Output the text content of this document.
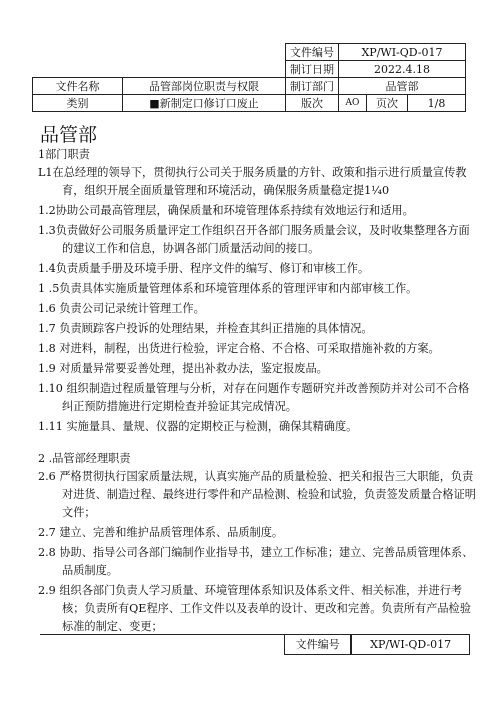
		文件编号	XP/WI-QD-017		
		制订日期	2022.4.18		
文件名称	品管部岗位职责与权限	制订部门	品管部		
类别	■新制定口修订口废止	版次	AO	页次	1/8
品管部

1部门职责

L1在总经理的领导下，贯彻执行公司关于服务质量的方针、政策和指示进行质量宣传教育，组织开展全面质量管理和环境活动，确保服务质量稳定提1¼0

1.2协助公司最高管理层，确保质量和环境管理体系持续有效地运行和适用。

1.3负责做好公司服务质量评定工作组织召开各部门服务质量会议，及时收集整理各方面的建议工作和信息，协调各部门质量活动间的接口。

1.4负责质量手册及环境手册、程序文件的编写、修订和审核工作。

1 .5负责具体实施质量管理体系和环境管理体系的管理评审和内部审核工作。

1.6 负责公司记录统计管理工作。

1.7 负责顾踪客户投诉的处理结果，并检查其纠正措施的具体情况。

1.8 对进料，制程，出货进行检验，评定合格、不合格、可采取措施补救的方案。

1.9 对质量异常要妥善处理，提出补救办法，鉴定报废品。

1.10 组织制造过程质量管理与分析，对存在问题作专题研究并改善预防并对公司不合格纠正预防措施进行定期检查并验证其完成情况。

1.11 实施量具、量规、仪器的定期校正与检测，确保其精确度。

2 .品管部经理职责

2.6 严格贯彻执行国家质量法规，认真实施产品的质量检验、把关和报告三大职能，负责对进货、制造过程、最终进行零件和产品检测、检验和试验，负责签发质量合格证明文件；

2.7 建立、完善和维护品质管理体系、品质制度。

2.8 协助、指导公司各部门编制作业指导书，建立工作标准；建立、完善品质管理体系、品质制度。

2.9 组织各部门负责人学习质量、环境管理体系知识及体系文件、相关标准，并进行考核；负责所有QE程序、工作文件以及表单的设计、更改和完善。负责所有产品检验标准的制定、变更；

文件编号	XP/WI-QD-017
